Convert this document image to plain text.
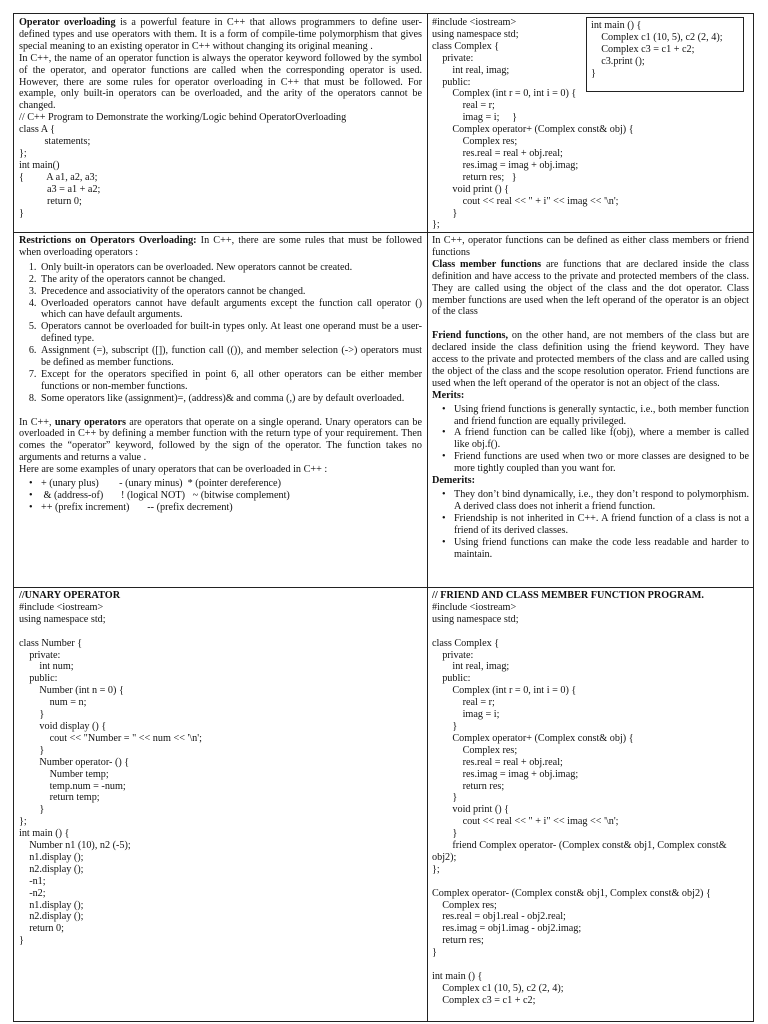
Operator overloading is a powerful feature in C++ that allows programmers to define user-defined types and use operators with them. It is a form of compile-time polymorphism that gives special meaning to an existing operator in C++ without changing its original meaning .
In C++, the name of an operator function is always the operator keyword followed by the symbol of the operator, and operator functions are called when the corresponding operator is used. However, there are some rules for operator overloading in C++ that must be followed. For example, only built-in operators can be overloaded, and the arity of the operators cannot be changed.
// C++ Program to Demonstrate the working/Logic behind OperatorOverloading
class A {
statements;
};
int main()
{         A a1, a2, a3;
a3 = a1 + a2;
return 0;
}
#include <iostream>
using namespace std;
class Complex {
private:
int real, imag;
public:
Complex (int r = 0, int i = 0) {
real = r;
imag = i;     }
Complex operator+ (Complex const& obj) {
Complex res;
res.real = real + obj.real;
res.imag = imag + obj.imag;
return res;   }
void print () {
cout << real << " + i" << imag << '\n';
}
};
int main () {
Complex c1 (10, 5), c2 (2, 4);
Complex c3 = c1 + c2;
c3.print ();
}
Restrictions on Operators Overloading: In C++, there are some rules that must be followed when overloading operators :
1. Only built-in operators can be overloaded. New operators cannot be created.
2. The arity of the operators cannot be changed.
3. Precedence and associativity of the operators cannot be changed.
4. Overloaded operators cannot have default arguments except the function call operator () which can have default arguments.
5. Operators cannot be overloaded for built-in types only. At least one operand must be a user-defined type.
6. Assignment (=), subscript ([]), function call (()), and member selection (->) operators must be defined as member functions.
7. Except for the operators specified in point 6, all other operators can be either member functions or non-member functions.
8. Some operators like (assignment)=, (address)& and comma (,) are by default overloaded.
In C++, unary operators are operators that operate on a single operand. Unary operators can be overloaded in C++ by defining a member function with the return type of your requirement. Then comes the “operator” keyword, followed by the sign of the operator. The function takes no arguments and returns a value .
Here are some examples of unary operators that can be overloaded in C++ :
• + (unary plus)        - (unary minus)  * (pointer dereference)
•  & (address-of)       ! (logical NOT)   ~ (bitwise complement)
• ++ (prefix increment)       -- (prefix decrement)
In C++, operator functions can be defined as either class members or friend functions
Class member functions are functions that are declared inside the class definition and have access to the private and protected members of the class. They are called using the object of the class and the dot operator. Class member functions are used when the left operand of the operator is an object of the class
Friend functions, on the other hand, are not members of the class but are declared inside the class definition using the friend keyword. They have access to the private and protected members of the class and are called using the object of the class and the scope resolution operator. Friend functions are used when the left operand of the operator is not an object of the class.
Merits:
• Using friend functions is generally syntactic, i.e., both member function and friend function are equally privileged.
• A friend function can be called like f(obj), where a member is called like obj.f().
• Friend functions are used when two or more classes are designed to be more tightly coupled than you want for.
Demerits:
• They don’t bind dynamically, i.e., they don’t respond to polymorphism. A derived class does not inherit a friend function.
• Friendship is not inherited in C++. A friend function of a class is not a friend of its derived classes.
• Using friend functions can make the code less readable and harder to maintain.
//UNARY OPERATOR
#include <iostream>
using namespace std;

class Number {
private:
int num;
public:
Number (int n = 0) {
num = n;
}
void display () {
cout << "Number = " << num << '\n';
}
Number operator- () {
Number temp;
temp.num = -num;
return temp;
}
};
int main () {
Number n1 (10), n2 (-5);
n1.display ();
n2.display ();
-n1;
-n2;
n1.display ();
n2.display ();
return 0;
}
// FRIEND AND CLASS MEMBER FUNCTION PROGRAM.
#include <iostream>
using namespace std;

class Complex {
private:
int real, imag;
public:
Complex (int r = 0, int i = 0) {
real = r;
imag = i;
}
Complex operator+ (Complex const& obj) {
Complex res;
res.real = real + obj.real;
res.imag = imag + obj.imag;
return res;
}
void print () {
cout << real << " + i" << imag << '\n';
}
friend Complex operator- (Complex const& obj1, Complex const&
obj2);
};

Complex operator- (Complex const& obj1, Complex const& obj2) {
Complex res;
res.real = obj1.real - obj2.real;
res.imag = obj1.imag - obj2.imag;
return res;
}

int main () {
Complex c1 (10, 5), c2 (2, 4);
Complex c3 = c1 + c2;
